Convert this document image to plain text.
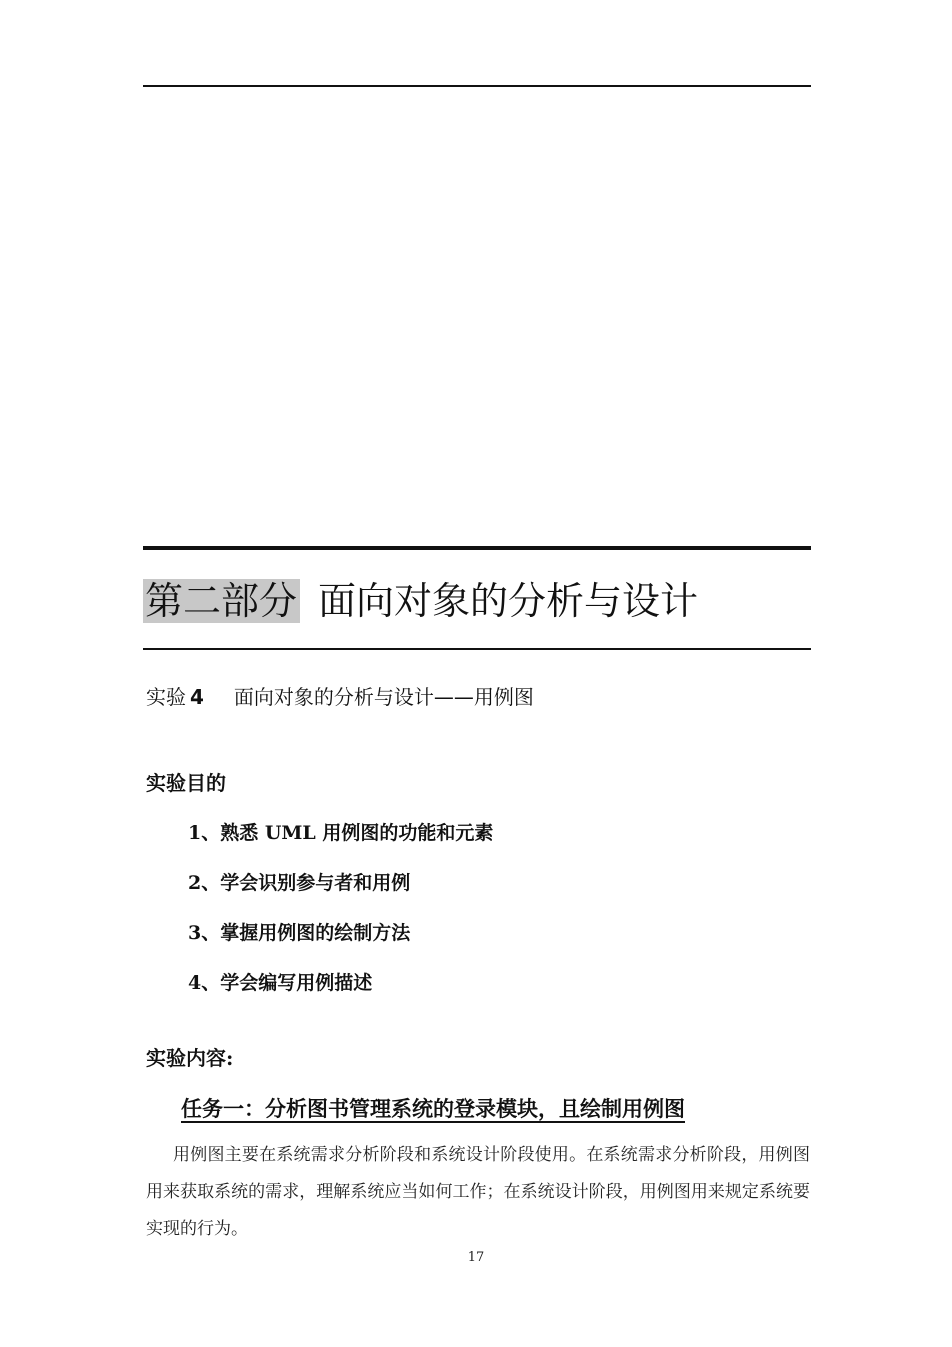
第二部分 面向对象的分析与设计
实验 4 面向对象的分析与设计——用例图
实验目的
1、熟悉 UML 用例图的功能和元素
2、学会识别参与者和用例
3、掌握用例图的绘制方法
4、学会编写用例描述
实验内容:
任务一：分析图书管理系统的登录模块，且绘制用例图

用例图主要在系统需求分析阶段和系统设计阶段使用。在系统需求分析阶段，用例图用来获取系统的需求，理解系统应当如何工作；在系统设计阶段，用例图用来规定系统要实现的行为。

17
